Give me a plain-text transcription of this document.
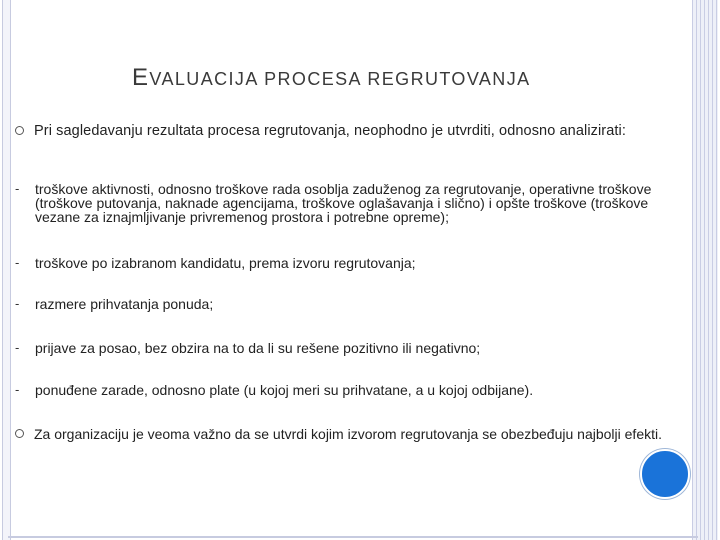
EVALUACIJA PROCESA REGRUTOVANJA
Pri sagledavanju rezultata procesa regrutovanja, neophodno je utvrditi, odnosno analizirati:
-	troškove aktivnosti, odnosno troškove rada osoblja zaduženog za regrutovanje, operativne troškove (troškove putovanja, naknade agencijama, troškove oglašavanja i slično) i opšte troškove (troškove vezane za iznajmljivanje privremenog prostora i potrebne opreme);
-	troškove po izabranom kandidatu, prema izvoru regrutovanja;
-	razmere prihvatanja ponuda;
-	prijave za posao, bez obzira na to da li su rešene pozitivno ili negativno;
-	ponuđene zarade, odnosno plate (u kojoj meri su prihvatane, a u kojoj odbijane).
Za organizaciju je veoma važno da se utvrdi kojim izvorom regrutovanja se obezbeđuju najbolji efekti.
